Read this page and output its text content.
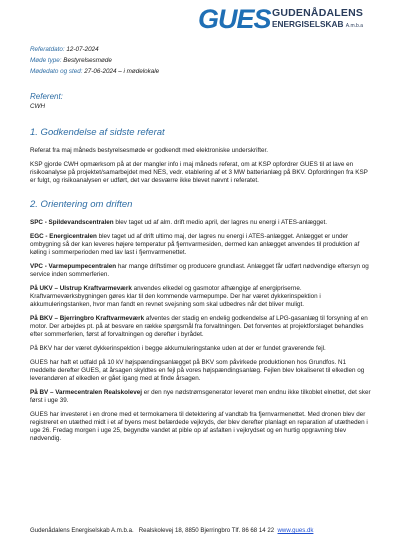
GUES GUDENÅDALENS
ENERGISELSKAB A.m.b.a
Referatdato: 12-07-2024
Møde type: Bestyrelsesmøde
Mødedato og sted: 27-06-2024 – i mødelokale
Referent:
CWH
1. Godkendelse af sidste referat

Referat fra maj måneds bestyrelsesmøde er godkendt med elektroniske underskrifter.

KSP gjorde CWH opmærksom på at der mangler info i maj måneds referat, om at KSP opfordrer GUES til at lave en risikoanalyse på projektet/samarbejdet med NES, vedr. etablering af et 3 MW batterianlæg på BKV. Opfordringen fra KSP er fulgt, og risikoanalysen er udført, det var desværre ikke blevet nævnt i referatet.

2. Orientering om driften

SPC - Spildevandscentralen blev taget ud af alm. drift medio april, der lagres nu energi i ATES-anlægget.

EGC - Energicentralen blev taget ud af drift ultimo maj, der lagres nu energi i ATES-anlægget. Anlægget er under ombygning så der kan leveres højere temperatur på fjernvarmesiden, dermed kan anlægget anvendes til produktion af køling i sommerperioden med lav last i fjernvarmenettet.

VPC - Varmepumpecentralen har mange driftstimer og producere grundlast. Anlægget får udført nødvendige eftersyn og service inden sommerferien.

På UKV – Ulstrup Kraftvarmeværk anvendes elkedel og gasmotor afhængige af energipriserne. Kraftvarmeværksbygningen gøres klar til den kommende varmepumpe. Der har været dykkerinspektion i akkumuleringstanken, hvor man fandt en revnet svejsning som skal udbedres når det bliver muligt.

På BKV – Bjerringbro Kraftvarmeværk afventes der stadig en endelig godkendelse af LPG-gasanlæg til forsyning af en motor. Der arbejdes pt. på at besvare en række spørgsmål fra forvaltningen. Det forventes at projektforslaget behandles efter sommerferien, først af forvaltningen og derefter i byrådet.

På BKV har der været dykkerinspektion i begge akkumuleringstanke uden at der er fundet graverende fejl.

GUES har haft et udfald på 10 kV højspændingsanlægget på BKV som påvirkede produktionen hos Grundfos. N1 meddelte derefter GUES, at årsagen skyldtes en fejl på vores højspændingsanlæg. Fejlen blev lokaliseret til elkedlen og leverandøren af elkedlen er gået igang med at finde årsagen.

På BV – Varmecentralen Realskolevej er den nye nødstrømsgenerator leveret men endnu ikke tilkoblet elnettet, det sker først i uge 39.

GUES har investeret i en drone med et termokamera til detektering af vandtab fra fjernvarmenettet. Med dronen blev der registreret en utæthed midt i et af byens mest befærdede vejkryds, der blev derefter planlagt en reparation af utætheden i uge 26. Fredag morgen i uge 25, begyndte vandet at pible op af asfalten i vejkrydset og en hurtig opgravning blev nødvendig.

Gudenådalens Energiselskab A.m.b.a.   Realskolevej 18, 8850 Bjerringbro Tlf. 86 68 14 22  www.gues.dk
